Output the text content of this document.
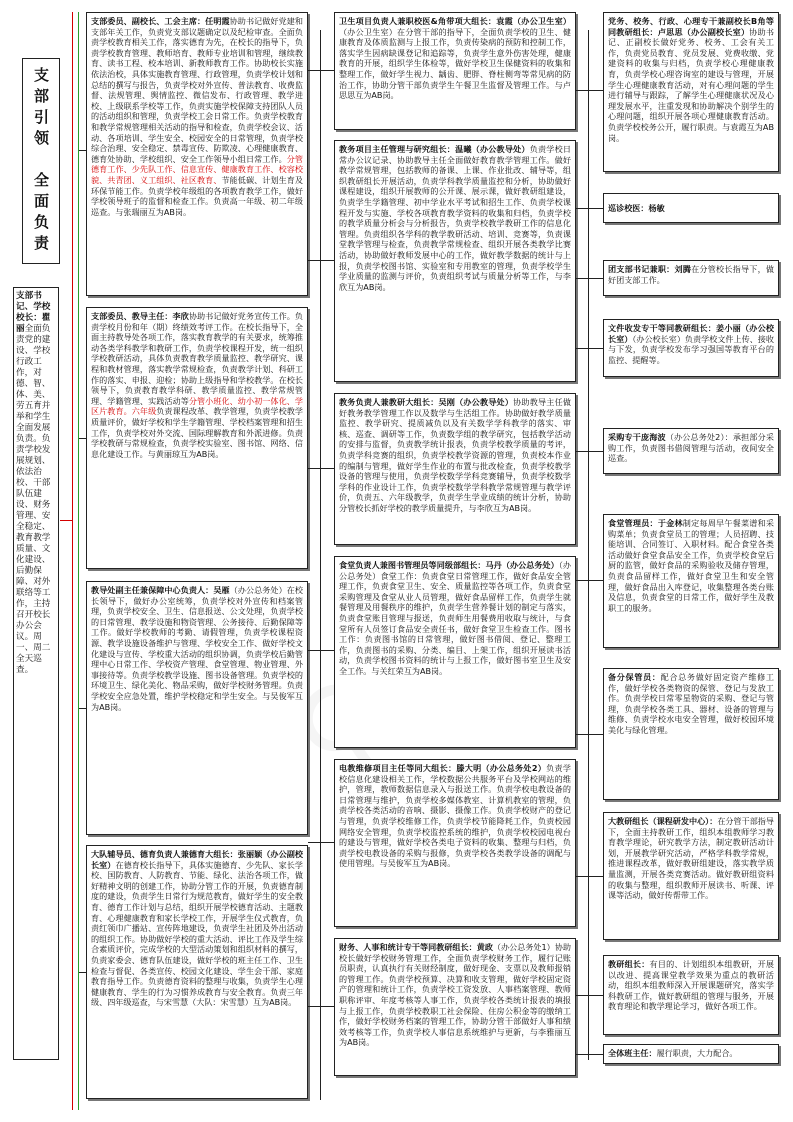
支部引领　全面负责
支部书记、学校校长：瞿丽全面负责党的建设、学校行政工作，对德、智、体、美、劳五育并举和学生全面发展负责。负责学校发展规划、依法治校、干部队伍建设、财务管理、安全稳定、教育教学质量、文化建设、后勤保障、对外联络等工作，主持召开校长办公会议。周一、周二全天巡查。
支部委员、副校长、工会主席：任明霞协助书记做好党建和支部年关工作，负责党支部议题确定以及纪检审查。全面负责学校教育相关工作，落实德育为先，在校长的指导下，负责学校教育管理、教师培育、教师专业培训和管理，继续教育、读书工程、校本培训、新教师教育工作。协助校长实施依法治校，具体实施教育管理、行政管理，负责学校计划和总结的撰写与报告，负责学校对外宣传、普法教育、收费监督、法规管理、舆情监控、微信发布、行政管理、教学进校、上级联系学校等工作，负责实施学校保障支持团队人员的活动组织和管理，负责学校工会日常工作。负责学校教育和教学常规管理相关活动的指导和检查，负责学校会议、活动、各项培训、学生安全、校园安全的日常管理，负责学校综合治理、安全稳定、禁毒宣传、防欺凌、心理健康教育、德育处协助、学校组织、安全工作领导小组日常工作。分管德育工作、少先队工作、信息宣传、健康教育工作、校容校貌、共青团、义工组织、社区教育、节能低碳、计划生育及环保节能工作。负责学校年级组的各项教育教学工作，做好学校领导班子的监督和检查工作。负责高一年级、初二年级巡查。与张瑞丽互为AB岗。
支部委员、教导主任：李欣协助书记做好党务宣传工作。负责学校月份和年（期）终绩效考评工作。在校长指导下，全面主持教导处各项工作，落实教育教学的有关要求，统筹推动各类学科教学和教研工作，负责学校课程开发，统一组织学校教研活动，具体负责教育教学质量监控、教学研究、课程和教材管理，落实教学常规检查，负责教学计划、科研工作的落实、申报、迎检；协助上级指导和学校教学。在校长领导下，负责教育教学科研、教学质量监控、教学常规管理、学籍管理、实践活动等分管小班化、幼小初一体化、学区片教育。六年级负责课程改革、教学管理，负责学校教学质量评价，做好学校和学生学籍管理、学校档案管理和招生工作，负责学校对外交流、国际理解教育和外派进修。负责学校教研与常规检查，负责学校实验室、图书馆、网络、信息化建设工作。与黄丽琼互为AB岗。
教导处副主任兼保障中心负责人：吴雁（办公总务处）在校长领导下，做好办公室统筹，负责学校对外宣传和档案管理，负责学校安全、卫生、信息报送、公文处理，负责学校的日常管理、教学设施和物资管理、公务接待、后勤保障等工作。做好学校教师的考勤、请假管理，负责学校课程资源、教学设施设备维护与管理、学校安全工作、做好学校文化建设与宣传、学校重大活动的组织协调，负责学校后勤管理中心日常工作、学校资产管理、食堂管理、物业管理、外事接待等。负责学校教学设施、图书设备管理。负责学校的环境卫生、绿化美化、物品采购，做好学校财务管理。负责学校安全应急处置，维护学校稳定和学生安全。与吴俊军互为AB岗。
大队辅导员、德育负责人兼德育大组长：张丽颖（办公副校长室）在德育校长指导下，具体实施德育、少先队、家长学校、国防教育、人防教育、节能、绿化、法治各项工作，做好精神文明的创建工作，协助分管工作的开展，负责德育制度的建设，负责学生日常行为规范教育，做好学生的安全教育、德育工作计划与总结，组织开展学校德育活动、主题教育、心理健康教育和家长学校工作，开展学生仪式教育，负责红领巾广播站、宣传阵地建设，负责学生社团及外出活动的组织工作。协助做好学校的重大活动、评比工作及学生综合素质评价，完成学校的大型活动策划和组织材料的撰写，负责家委会、德育队伍建设，做好学校的班主任工作、卫生检查与督促、各类宣传、校园文化建设、学生会干部、家庭教育指导工作。负责德育资料的整理与收集，负责学生心理健康教育、学生的行为习惯养成教育与安全教育。负责三年级、四年级巡查，与宋雪慧（大队：宋雪慧）互为AB岗。
卫生项目负责人兼职校医&角带项大组长：袁霞（办公卫生室）（办公卫生室）在分管干部的指导下，全面负责学校的卫生、健康教育及体质监测与上报工作，负责传染病的预防和控制工作，落实学生因病缺课登记和追踪等，负责学生意外伤害处理，健康教育的开展，组织学生体检等，做好学校卫生保健资料的收集和整理工作，做好学生视力、龋齿、肥胖、脊柱侧弯等常见病的防治工作，协助分管干部负责学生午餐卫生监督及管理工作。与卢思思互为AB岗。
教务项目主任管理与研究组长：温曦（办公教导处）负责学校日常办公议记录、协助教导主任全面做好教育教学管理工作。做好教学常规管理，包括教师的备课、上课、作业批改、辅导等，组织教研组长开展活动，负责学科教学质量监控和分析，协助做好课程建设，组织开展教师的公开课、展示课，做好教研组建设，负责学生学籍管理、初中学业水平考试和招生工作、负责学校课程开发与实施、学校各项教育教学资料的收集和归档，负责学校的教学质量分析会与分析报告，负责学校教学教研工作的信息化管理。负责组织各学科的教学教研活动、培训、竞赛等，负责课堂教学管理与检查，负责教学常规检查、组织开展各类教学比赛活动，协助做好教师发展中心的工作，做好教学数据的统计与上报，负责学校图书馆、实验室和专用教室的管理，负责学校学生学业质量的监测与评价，负责组织考试与质量分析等工作，与李欣互为AB岗。
教务负责人兼教研大组长：吴刚（办公教导处）协助教导主任做好教务教学管理工作以及数学与生活组工作。协助做好教学质量监控、教学研究、提质减负以及有关数学学科教学的落实、审核、巡查、调研等工作，负责数学组的教学研究，包括教学活动的安排与监督，负责教学统计报表，负责学校教学质量的考评，负责学科竞赛的组织，负责学校教学资源的管理，负责校本作业的编制与管理，做好学生作业的布置与批改检查，负责学校教学设备的管理与使用，负责学校数学学科竞赛辅导，负责学校数学学科的作业设计工作，负责学校数学学科教学常规管理与教学评价，负责五、六年级教学，负责学生学业成绩的统计分析，协助分管校长抓好学校的教学质量提升，与李欣互为AB岗。
食堂负责人兼图书管理员等同级部组长：马丹（办公总务处）（办公总务处）食堂工作：负责食堂日常管理工作，做好食品安全管理工作，负责食堂卫生、安全、质量监控等各项工作，负责食堂采购管理及食堂从业人员管理，做好食品留样工作，负责学生就餐管理及用餐秩序的维护，负责学生营养餐计划的制定与落实，负责食堂账目管理与报送，负责师生用餐费用收取与统计，与食堂所有人员签订食品安全责任书，做好食堂卫生检查工作。图书工作：负责图书馆的日常管理，做好图书借阅、登记、整理工作，负责图书的采购、分类、编目、上架工作，组织开展读书活动，负责学校图书资料的统计与上报工作，做好图书室卫生及安全工作。与关红荣互为AB岗。
电教维修项目主任等同大组长：滕大明（办公总务处2）负责学校信息化建设相关工作，学校数据公共服务平台及学校网站的维护，管理，教师数据信息录入与报送工作。负责学校电教设备的日常管理与维护，负责学校多媒体教室、计算机教室的管理，负责学校各类活动的音响、摄影、摄像工作。负责学校财产的登记与管理，负责学校维修工作，负责学校节能降耗工作，负责校园网络安全管理，负责学校监控系统的维护，负责学校校园电视台的建设与管理，做好学校各类电子资料的收集、整理与归档，负责学校电教设备的采购与报修，负责学校各类教学设备的调配与使用管理。与吴俊军互为AB岗。
财务、人事和统计专干等同教研组长：黄政（办公总务处1）协助校长做好学校财务管理工作，全面负责学校财务工作，履行记账员职责，认真执行有关财经制度，做好现金、支票以及教师报销的管理工作。负责学校预算、决算和收支管理，做好学校固定资产的管理和统计工作，负责学校工资发放、人事档案管理、教师职称评审、年度考核等人事工作，负责学校各类统计报表的填报与上报工作，负责学校教职工社会保险、住房公积金等的缴纳工作，做好学校财务档案的管理工作，协助分管干部做好人事和绩效考核等工作，负责学校人事信息系统维护与更新，与李雅丽互为AB岗。
党务、校务、行政、心理专干兼副校长B角等同教研组长：卢思思（办公副校长室）协助书记、正副校长做好党务、校务、工会有关工作，负责党员教育、党员发展、党费收缴、党建资料的收集与归档，负责学校心理健康教育，负责学校心理咨询室的建设与管理，开展学生心理健康教育活动，对有心理问题的学生进行辅导与跟踪，了解学生心理健康状况及心理发展水平，注重发现和协助解决个别学生的心理问题，组织开展各项心理健康教育活动。负责学校校务公开，履行职责。与袁霞互为AB岗。
巡诊校医：杨敏
团支部书记兼职：刘腾在分管校长指导下，做好团支部工作。
文件收发专干等同教研组长：姜小丽（办公校长室）（办公校长室）负责学校文件上传、接收与下发，负责学校发布学习强国等教育平台的监控、提醒等。
采购专干庞海波（办公总务处2）：承担部分采购工作，负责图书借阅管理与活动，夜间安全巡查。
食堂管理员：于金林制定每周早午餐菜谱和采购菜单；负责食堂员工的管理；人员招聘、技能培训、合同签订、入职材料。配合食堂各类活动做好食堂食品安全工作，负责学校食堂后厨的监管，做好食品的采购验收及储存管理，负责食品留样工作，做好食堂卫生和安全管理，做好食品出入库登记，收集整理各类台账及信息，负责食堂的日常工作，做好学生及教职工的服务。
备分保管员：配合总务做好固定资产维修工作，做好学校各类物资的保管、登记与发放工作。负责学校日常零星物资的采购、登记与管理，负责学校各类工具、器材、设备的管理与维修、负责学校水电安全管理，做好校园环境美化与绿化管理。
大教研组长（课程研发中心）：在分管干部指导下，全面主持教研工作，组织本组教师学习教育教学理论，研究教学方法，制定教研活动计划，开展教学研究活动，严格学科教学常规，推进课程改革，做好教研组建设，落实教学质量监测，开展各类竞赛活动。做好教研组资料的收集与整理，组织教师开展读书、听课、评课等活动，做好传帮带工作。
教研组长：有目的、计划组织本组教研，开展以改进、提高课堂教学效果为重点的教研活动，组织本组教师深入开展课题研究，落实学科教研工作，做好教研组的管理与服务，开展教育理论和教学理论学习，做好各项工作。
全体班主任：履行职责，大力配合。
